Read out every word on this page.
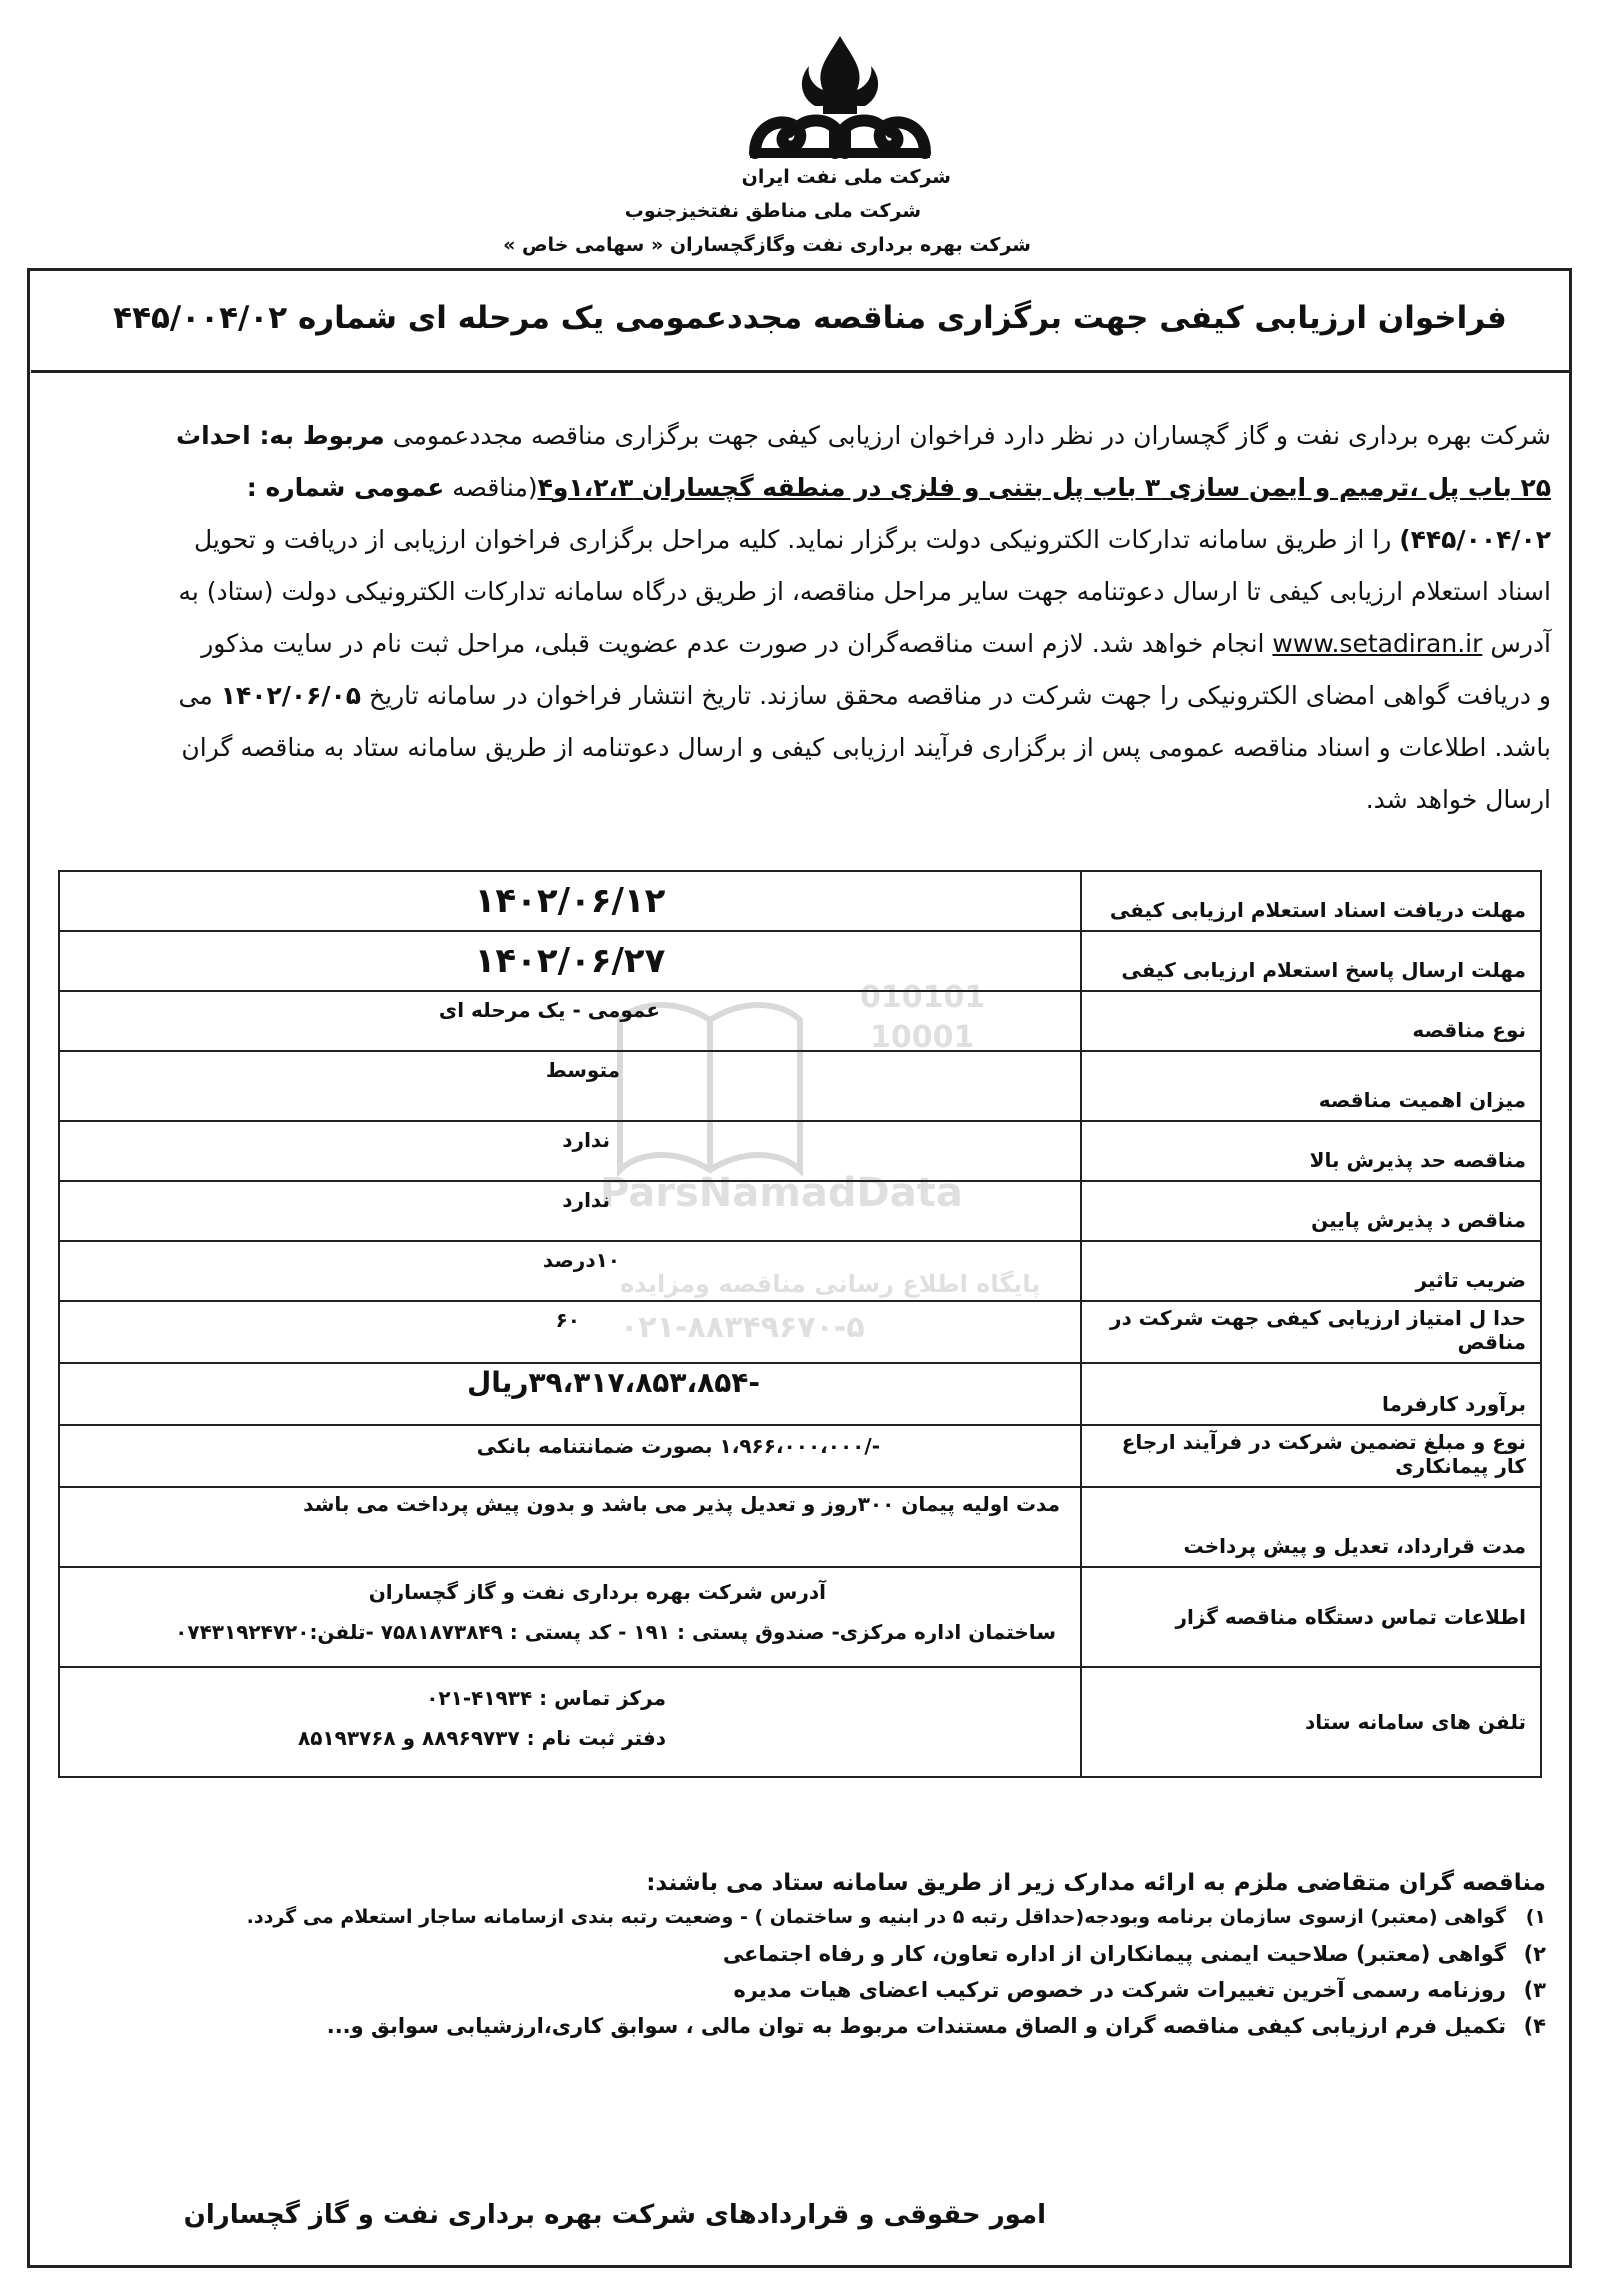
شرکت ملی نفت ایران
شرکت ملی مناطق نفتخیزجنوب
شرکت بهره برداری نفت وگازگچساران « سهامی خاص »
فراخوان ارزیابی کیفی جهت برگزاری مناقصه مجددعمومی یک مرحله ای شماره ۴۴۵/۰۰۴/۰۲
شرکت بهره برداری نفت و گاز گچساران در نظر دارد فراخوان ارزیابی کیفی جهت برگزاری مناقصه مجددعمومی مربوط به: احداث
۲۵ باب پل ،ترمیم و ایمن سازی ۳ باب پل بتنی و فلزی در منطقه گچساران ۱،۲،۳و۴(مناقصه عمومی شماره :
۴۴۵/۰۰۴/۰۲) را از طریق سامانه تدارکات الکترونیکی دولت برگزار نماید. کلیه مراحل برگزاری فراخوان ارزیابی از دریافت و تحویل
اسناد استعلام ارزیابی کیفی تا ارسال دعوتنامه جهت سایر مراحل مناقصه، از طریق درگاه سامانه تدارکات الکترونیکی دولت (ستاد) به
آدرس www.setadiran.ir انجام خواهد شد. لازم است مناقصه‌گران در صورت عدم عضویت قبلی، مراحل ثبت نام در سایت مذکور
و دریافت گواهی امضای الکترونیکی را جهت شرکت در مناقصه محقق سازند. تاریخ انتشار فراخوان در سامانه تاریخ ۱۴۰۲/۰۶/۰۵ می
باشد. اطلاعات و اسناد مناقصه عمومی پس از برگزاری فرآیند ارزیابی کیفی و ارسال دعوتنامه از طریق سامانه ستاد به مناقصه گران
ارسال خواهد شد.
010101
10001
ParsNamadData
پایگاه اطلاع رسانی مناقصه ومزایده
۰۲۱-۸۸۳۴۹۶۷۰-۵
مهلت دریافت اسناد استعلام ارزیابی کیفی	۱۴۰۲/۰۶/۱۲
مهلت ارسال پاسخ استعلام ارزیابی کیفی	۱۴۰۲/۰۶/۲۷
نوع مناقصه	عمومی - یک مرحله ای
میزان اهمیت مناقصه	متوسط
مناقصه حد پذیرش بالا	ندارد
مناقص د پذیرش پایین	ندارد
ضریب تاثیر	۱۰درصد
حدا ل امتیاز ارزیابی کیفی جهت شرکت در مناقص	۶۰
برآورد کارفرما	-۳۹،۳۱۷،۸۵۳،۸۵۴ریال
نوع و مبلغ تضمین شرکت در فرآیند ارجاع کار پیمانکاری	-/۱،۹۶۶،۰۰۰،۰۰۰ بصورت ضمانتنامه بانکی
مدت قرارداد، تعدیل و پیش پرداخت	مدت اولیه پیمان ۳۰۰روز و تعدیل پذیر می باشد و بدون پیش پرداخت می باشد
اطلاعات تماس دستگاه مناقصه گزار	آدرس شرکت بهره برداری نفت و گاز گچساران
ساختمان اداره مرکزی- صندوق پستی : ۱۹۱ - کد پستی : ۷۵۸۱۸۷۳۸۴۹ -تلفن:۰۷۴۳۱۹۲۴۷۲۰

تلفن های سامانه ستاد	مرکز تماس : ۴۱۹۳۴-۰۲۱
دفتر ثبت نام : ۸۸۹۶۹۷۳۷ و ۸۵۱۹۳۷۶۸
مناقصه گران متقاضی ملزم به ارائه مدارک زیر از طریق سامانه ستاد می باشند:
۱)گواهی (معتبر) ازسوی سازمان برنامه وبودجه(حداقل رتبه ۵ در ابنیه و ساختمان ) - وضعیت رتبه بندی ازسامانه ساجار استعلام می گردد.
۲)گواهی (معتبر) صلاحیت ایمنی پیمانکاران از اداره تعاون، کار و رفاه اجتماعی
۳)روزنامه رسمی آخرین تغییرات شرکت در خصوص ترکیب اعضای هیات مدیره
۴)تکمیل فرم ارزیابی کیفی مناقصه گران و الصاق مستندات مربوط به توان مالی ، سوابق کاری،ارزشیابی سوابق و...
امور حقوقی و قراردادهای شرکت بهره برداری نفت و گاز گچساران
